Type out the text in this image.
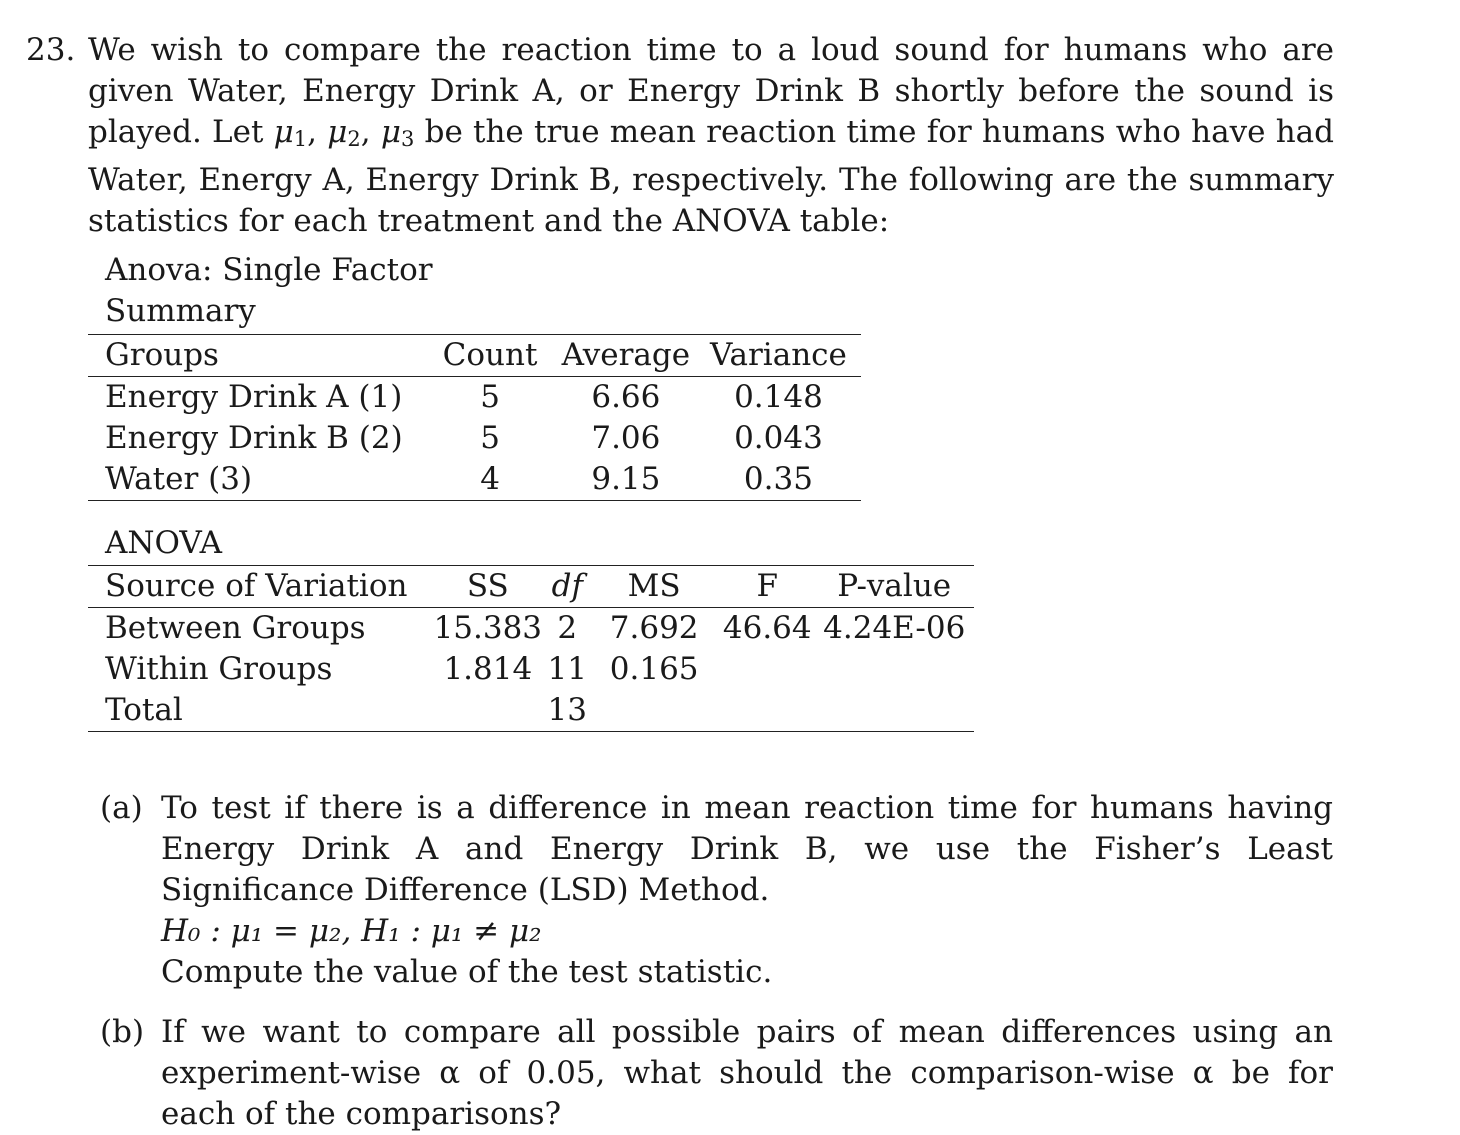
23. We wish to compare the reaction time to a loud sound for humans who are given Water, Energy Drink A, or Energy Drink B shortly before the sound is played. Let μ1, μ2, μ3 be the true mean reaction time for humans who have had Water, Energy A, Energy Drink B, respectively. The following are the summary statistics for each treatment and the ANOVA table:
Anova: Single Factor
Summary
Groups	Count	Average	Variance
Energy Drink A (1)	5	6.66	0.148
Energy Drink B (2)	5	7.06	0.043
Water (3)	4	9.15	0.35
ANOVA
Source of Variation	SS	df	MS	F	P-value
Between Groups	15.383	2	7.692	46.64	4.24E-06
Within Groups	1.814	11	0.165		
Total		13			
(a) To test if there is a difference in mean reaction time for humans having Energy Drink A and Energy Drink B, we use the Fisher’s Least Significance Difference (LSD) Method.
H₀ : μ₁ = μ₂, H₁ : μ₁ ≠ μ₂
Compute the value of the test statistic.
(b) If we want to compare all possible pairs of mean differences using an experiment-wise α of 0.05, what should the comparison-wise α be for each of the comparisons?
